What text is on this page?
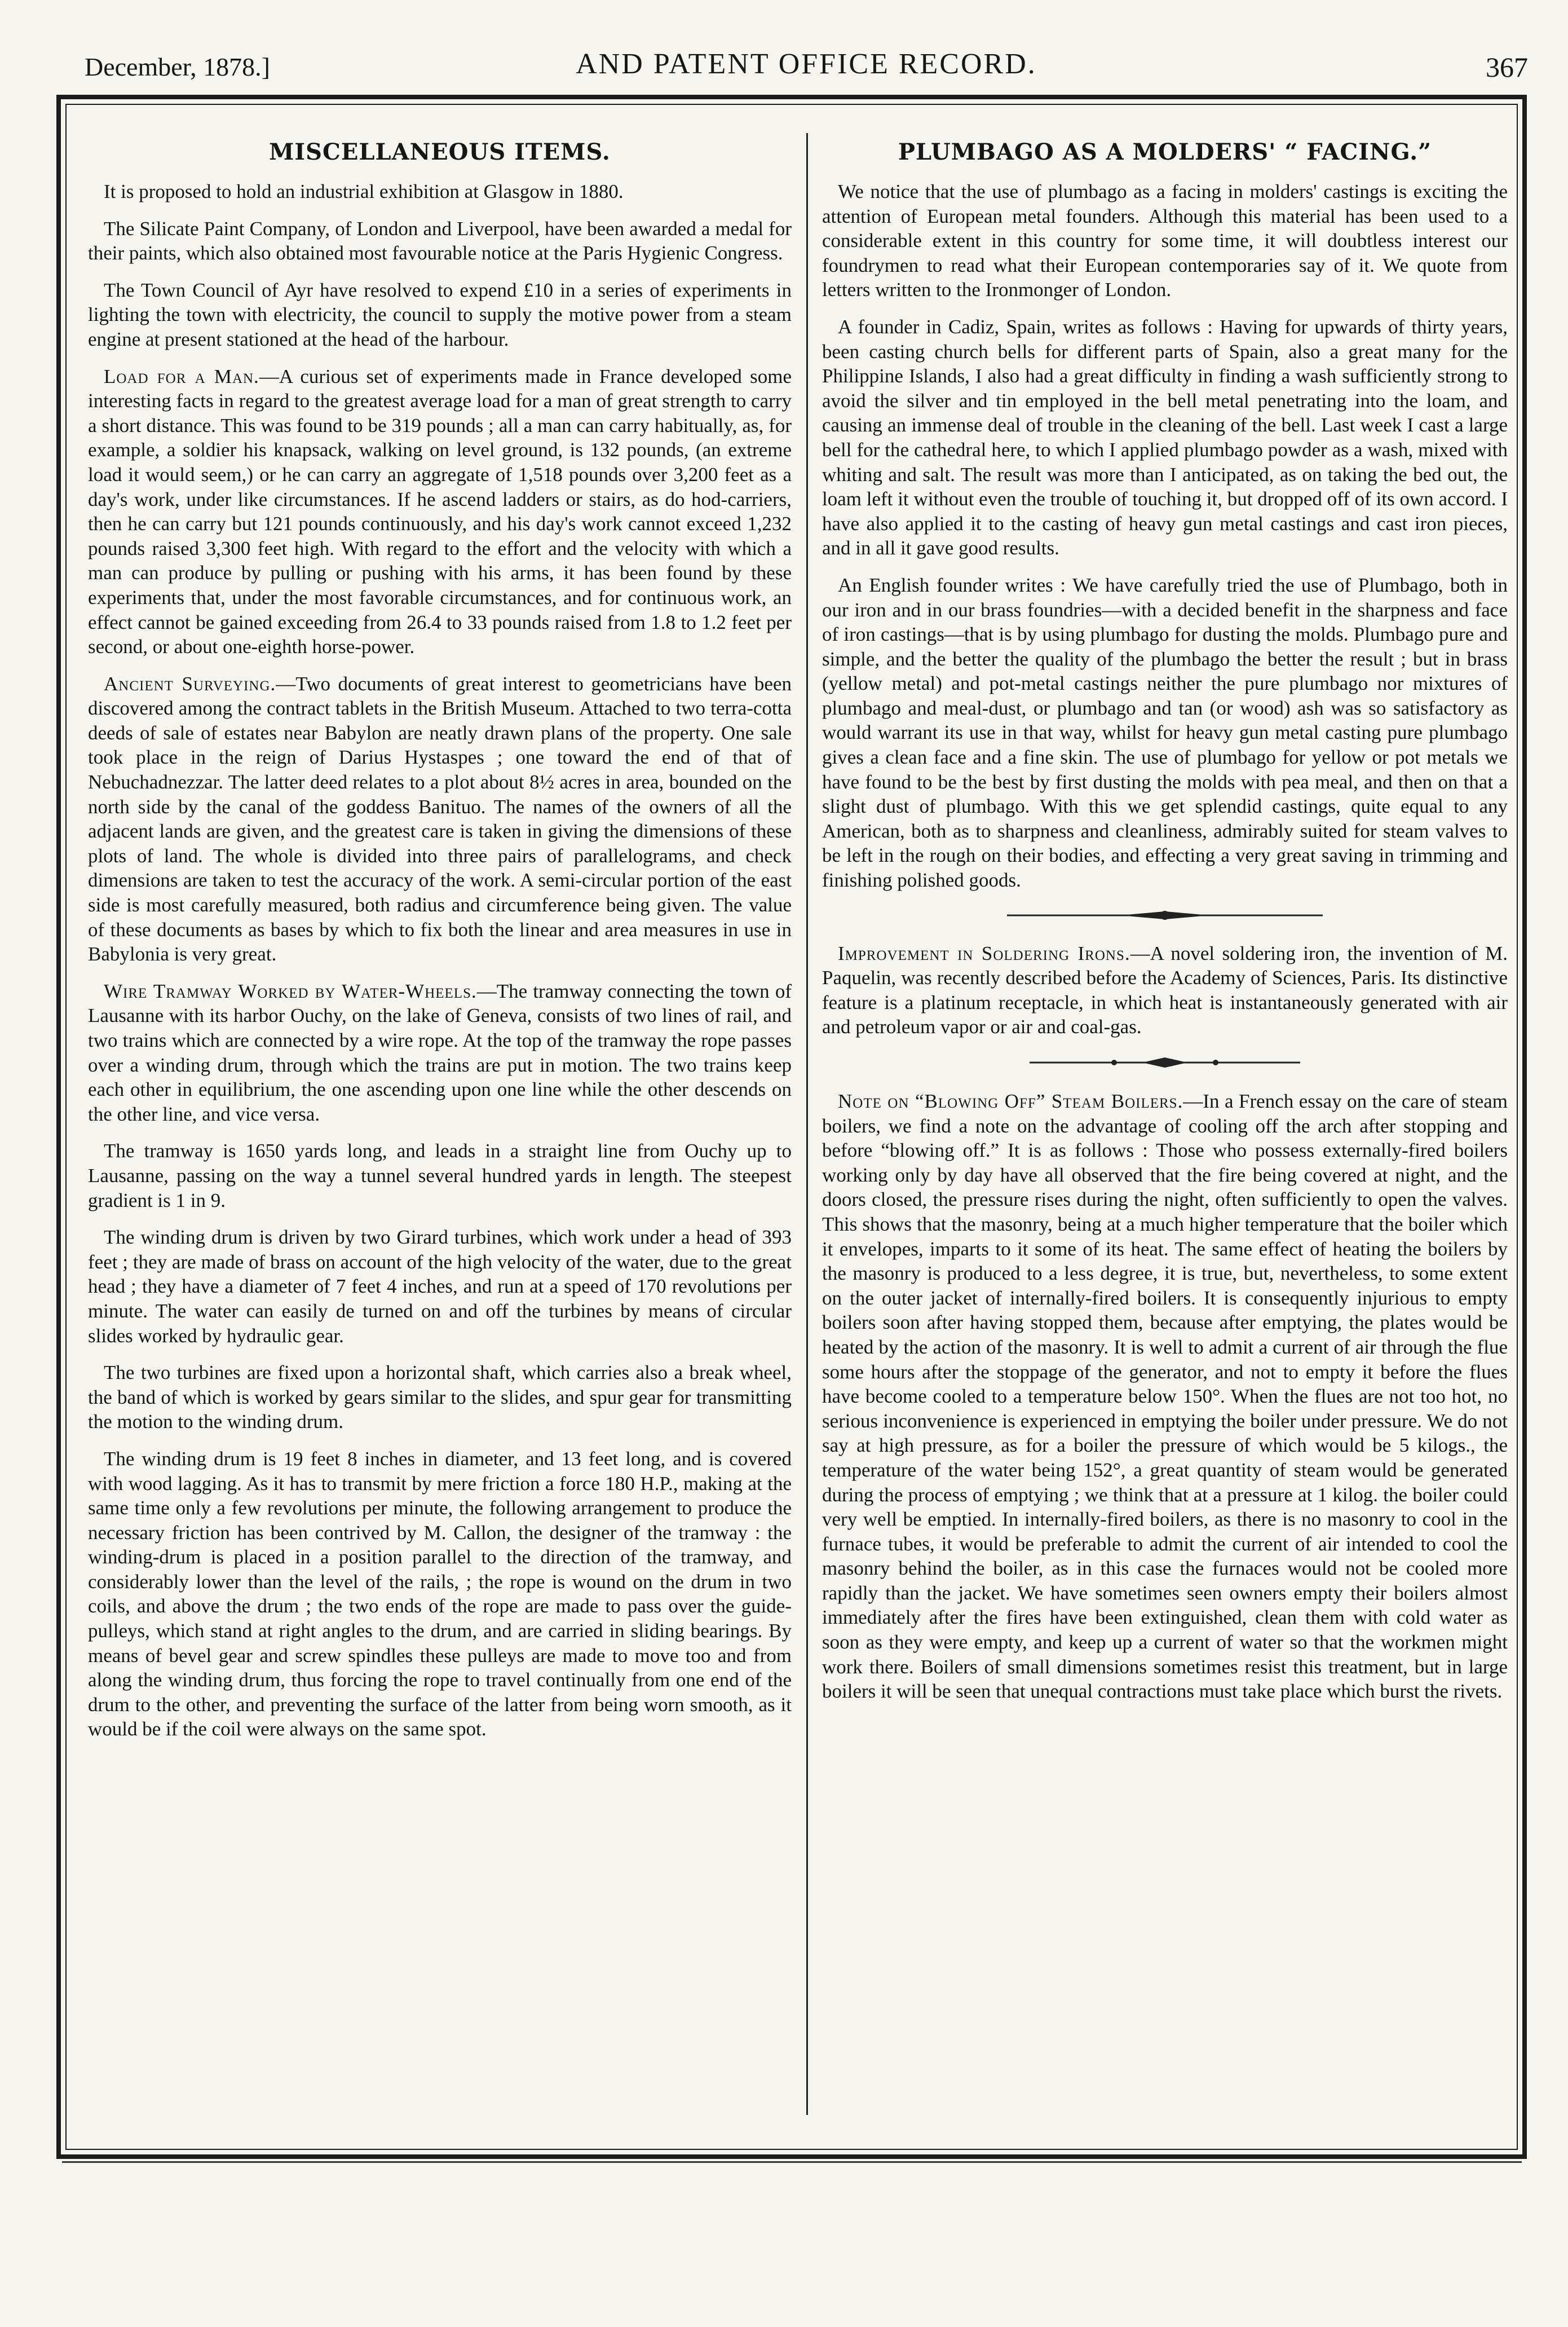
December, 1878.]	AND PATENT OFFICE RECORD.	367
MISCELLANEOUS ITEMS.

It is proposed to hold an industrial exhibition at Glasgow in 1880.

The Silicate Paint Company, of London and Liverpool, have been awarded a medal for their paints, which also obtained most favourable notice at the Paris Hygienic Congress.

The Town Council of Ayr have resolved to expend £10 in a series of experiments in lighting the town with electricity, the council to supply the motive power from a steam engine at present stationed at the head of the harbour.

Load for a Man.—A curious set of experiments made in France developed some interesting facts in regard to the greatest average load for a man of great strength to carry a short distance. This was found to be 319 pounds ; all a man can carry habitually, as, for example, a soldier his knapsack, walking on level ground, is 132 pounds, (an extreme load it would seem,) or he can carry an aggregate of 1,518 pounds over 3,200 feet as a day's work, under like circumstances. If he ascend ladders or stairs, as do hod-carriers, then he can carry but 121 pounds continuously, and his day's work cannot exceed 1,232 pounds raised 3,300 feet high. With regard to the effort and the velocity with which a man can produce by pulling or pushing with his arms, it has been found by these experiments that, under the most favorable circumstances, and for continuous work, an effect cannot be gained exceeding from 26.4 to 33 pounds raised from 1.8 to 1.2 feet per second, or about one-eighth horse-power.

Ancient Surveying.—Two documents of great interest to geometricians have been discovered among the contract tablets in the British Museum. Attached to two terra-cotta deeds of sale of estates near Babylon are neatly drawn plans of the property. One sale took place in the reign of Darius Hystaspes ; one toward the end of that of Nebuchadnezzar. The latter deed relates to a plot about 8½ acres in area, bounded on the north side by the canal of the goddess Banituo. The names of the owners of all the adjacent lands are given, and the greatest care is taken in giving the dimensions of these plots of land. The whole is divided into three pairs of parallelograms, and check dimensions are taken to test the accuracy of the work. A semi-circular portion of the east side is most carefully measured, both radius and circumference being given. The value of these documents as bases by which to fix both the linear and area measures in use in Babylonia is very great.

Wire Tramway Worked by Water-Wheels.—The tramway connecting the town of Lausanne with its harbor Ouchy, on the lake of Geneva, consists of two lines of rail, and two trains which are connected by a wire rope. At the top of the tramway the rope passes over a winding drum, through which the trains are put in motion. The two trains keep each other in equilibrium, the one ascending upon one line while the other descends on the other line, and vice versa.

The tramway is 1650 yards long, and leads in a straight line from Ouchy up to Lausanne, passing on the way a tunnel several hundred yards in length. The steepest gradient is 1 in 9.

The winding drum is driven by two Girard turbines, which work under a head of 393 feet ; they are made of brass on account of the high velocity of the water, due to the great head ; they have a diameter of 7 feet 4 inches, and run at a speed of 170 revolutions per minute. The water can easily de turned on and off the turbines by means of circular slides worked by hydraulic gear.

The two turbines are fixed upon a horizontal shaft, which carries also a break wheel, the band of which is worked by gears similar to the slides, and spur gear for transmitting the motion to the winding drum.

The winding drum is 19 feet 8 inches in diameter, and 13 feet long, and is covered with wood lagging. As it has to transmit by mere friction a force 180 H.P., making at the same time only a few revolutions per minute, the following arrangement to produce the necessary friction has been contrived by M. Callon, the designer of the tramway : the winding-drum is placed in a position parallel to the direction of the tramway, and considerably lower than the level of the rails, ; the rope is wound on the drum in two coils, and above the drum ; the two ends of the rope are made to pass over the guide-pulleys, which stand at right angles to the drum, and are carried in sliding bearings. By means of bevel gear and screw spindles these pulleys are made to move too and from along the winding drum, thus forcing the rope to travel continually from one end of the drum to the other, and preventing the surface of the latter from being worn smooth, as it would be if the coil were always on the same spot.

PLUMBAGO AS A MOLDERS' “ FACING.”

We notice that the use of plumbago as a facing in molders' castings is exciting the attention of European metal founders. Although this material has been used to a considerable extent in this country for some time, it will doubtless interest our foundrymen to read what their European contemporaries say of it. We quote from letters written to the Ironmonger of London.

A founder in Cadiz, Spain, writes as follows : Having for upwards of thirty years, been casting church bells for different parts of Spain, also a great many for the Philippine Islands, I also had a great difficulty in finding a wash sufficiently strong to avoid the silver and tin employed in the bell metal penetrating into the loam, and causing an immense deal of trouble in the cleaning of the bell. Last week I cast a large bell for the cathedral here, to which I applied plumbago powder as a wash, mixed with whiting and salt. The result was more than I anticipated, as on taking the bed out, the loam left it without even the trouble of touching it, but dropped off of its own accord. I have also applied it to the casting of heavy gun metal castings and cast iron pieces, and in all it gave good results.

An English founder writes : We have carefully tried the use of Plumbago, both in our iron and in our brass foundries—with a decided benefit in the sharpness and face of iron castings—that is by using plumbago for dusting the molds. Plumbago pure and simple, and the better the quality of the plumbago the better the result ; but in brass (yellow metal) and pot-metal castings neither the pure plumbago nor mixtures of plumbago and meal-dust, or plumbago and tan (or wood) ash was so satisfactory as would warrant its use in that way, whilst for heavy gun metal casting pure plumbago gives a clean face and a fine skin. The use of plumbago for yellow or pot metals we have found to be the best by first dusting the molds with pea meal, and then on that a slight dust of plumbago. With this we get splendid castings, quite equal to any American, both as to sharpness and cleanliness, admirably suited for steam valves to be left in the rough on their bodies, and effecting a very great saving in trimming and finishing polished goods.

Improvement in Soldering Irons.—A novel soldering iron, the invention of M. Paquelin, was recently described before the Academy of Sciences, Paris. Its distinctive feature is a platinum receptacle, in which heat is instantaneously generated with air and petroleum vapor or air and coal-gas.

Note on “Blowing Off” Steam Boilers.—In a French essay on the care of steam boilers, we find a note on the advantage of cooling off the arch after stopping and before “blowing off.” It is as follows : Those who possess externally-fired boilers working only by day have all observed that the fire being covered at night, and the doors closed, the pressure rises during the night, often sufficiently to open the valves. This shows that the masonry, being at a much higher temperature that the boiler which it envelopes, imparts to it some of its heat. The same effect of heating the boilers by the masonry is produced to a less degree, it is true, but, nevertheless, to some extent on the outer jacket of internally-fired boilers. It is consequently injurious to empty boilers soon after having stopped them, because after emptying, the plates would be heated by the action of the masonry. It is well to admit a current of air through the flue some hours after the stoppage of the generator, and not to empty it before the flues have become cooled to a temperature below 150°. When the flues are not too hot, no serious inconvenience is experienced in emptying the boiler under pressure. We do not say at high pressure, as for a boiler the pressure of which would be 5 kilogs., the temperature of the water being 152°, a great quantity of steam would be generated during the process of emptying ; we think that at a pressure at 1 kilog. the boiler could very well be emptied. In internally-fired boilers, as there is no masonry to cool in the furnace tubes, it would be preferable to admit the current of air intended to cool the masonry behind the boiler, as in this case the furnaces would not be cooled more rapidly than the jacket. We have sometimes seen owners empty their boilers almost immediately after the fires have been extinguished, clean them with cold water as soon as they were empty, and keep up a current of water so that the workmen might work there. Boilers of small dimensions sometimes resist this treatment, but in large boilers it will be seen that unequal contractions must take place which burst the rivets.
